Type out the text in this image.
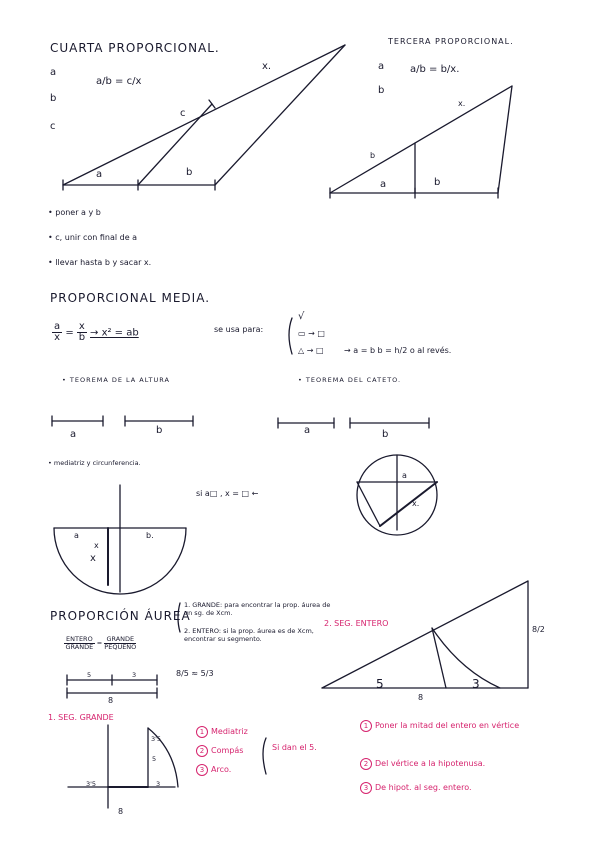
CUARTA PROPORCIONAL.
a
b
c
a/b = c/x
x.
c
a	b
• poner a y b
• c, unir con final de a
• llevar hasta b y sacar x.
TERCERA PROPORCIONAL.
a
b
a/b = b/x.
x.
b
a	b
PROPORCIONAL MEDIA.
$\frac{a}{x} = \frac{x}{b} \to x^2$ = ab	se usa para:
√
▭ → □
△ → □	→ a = b b = h/2 o al revés.
• TEOREMA DE LA ALTURA	• TEOREMA DEL CATETO.
a	b	a	b
• mediatriz y circunferencia.
a	b.
x
x
si a□ , x = □ ←
a
x.
PROPORCIÓN ÁUREA
1. GRANDE: para encontrar la prop. áurea de un sg. de Xcm.
2. ENTERO: si la prop. áurea es de Xcm, encontrar su segmento.
$\frac{\text{ENTERO}}{\text{GRANDE}} = \frac{\text{GRANDE}}{\text{PEQUEÑO}}$
5	3
8
8/5 ≈ 5/3
2. SEG. ENTERO
5	3
8
8/2
1. SEG. GRANDE
3'5	3
8
3'5
5
1 Mediatriz
2 Compás
3 Arco.
Si dan el 5.
1 Poner la mitad del entero en vértice
2 Del vértice a la hipotenusa.
3 De hipot. al seg. entero.
